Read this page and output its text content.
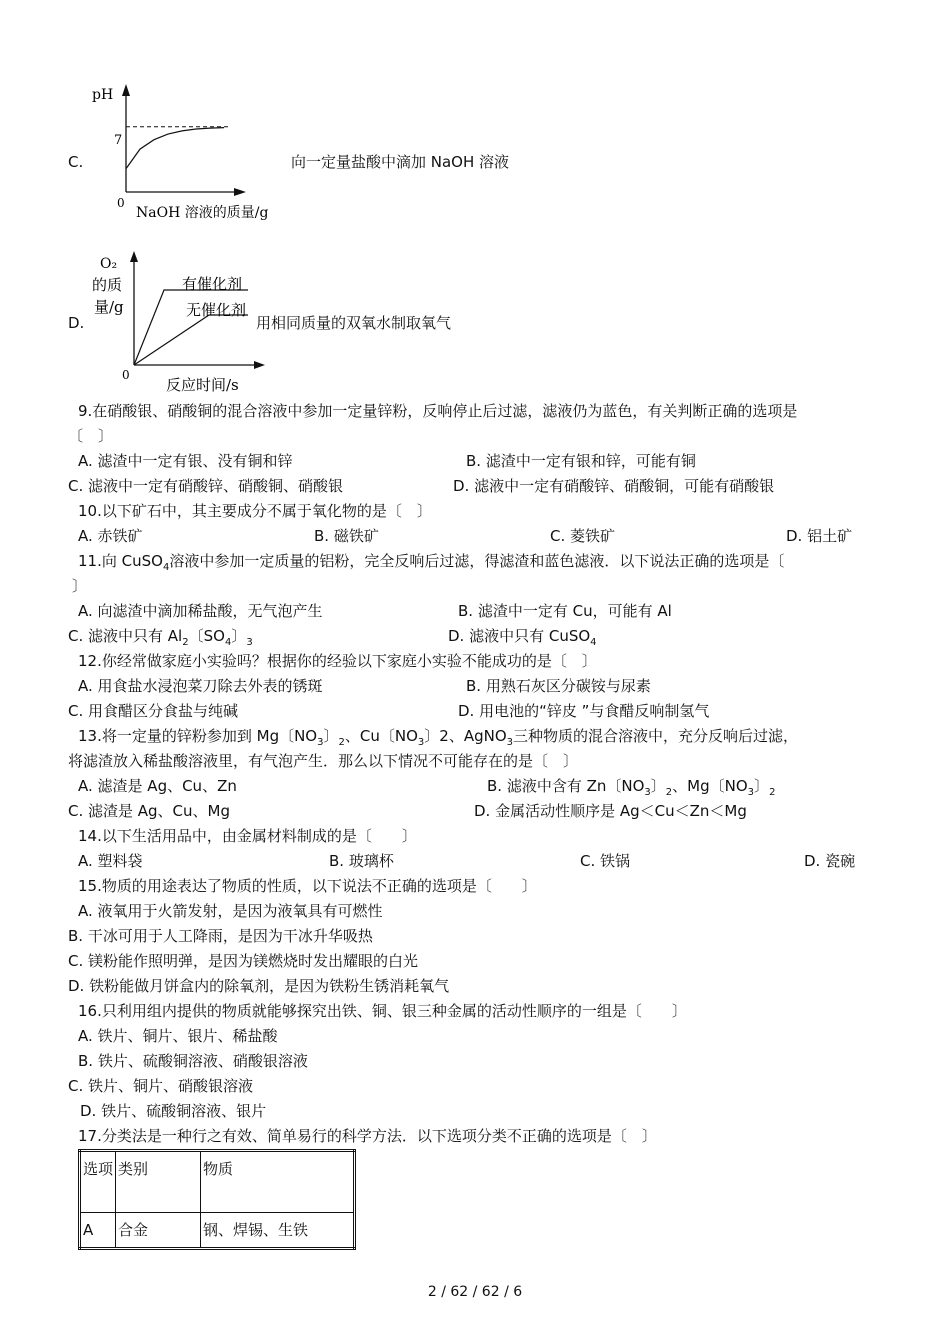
C.
pH
0
7
NaOH 溶液的质量/g
向一定量盐酸中滴加 NaOH 溶液
D.
O₂
的质
量/g
0
有催化剂
无催化剂
反应时间/s
用相同质量的双氧水制取氧气
9.在硝酸银、硝酸铜的混合溶液中参加一定量锌粉，反响停止后过滤，滤液仍为蓝色，有关判断正确的选项是
〔　〕
A. 滤渣中一定有银、没有铜和锌	B. 滤渣中一定有银和锌，可能有铜
C. 滤液中一定有硝酸锌、硝酸铜、硝酸银	D. 滤液中一定有硝酸锌、硝酸铜，可能有硝酸银
10.以下矿石中，其主要成分不属于氧化物的是〔　〕
A. 赤铁矿	B. 磁铁矿	C. 菱铁矿	D. 铝土矿
11.向 CuSO$_4$溶液中参加一定质量的铝粉，完全反响后过滤，得滤渣和蓝色滤液．以下说法正确的选项是〔
〕
A. 向滤渣中滴加稀盐酸，无气泡产生	B. 滤渣中一定有 Cu，可能有 Al
C. 滤液中只有 $Al_2$〔$SO_4$〕$_3$	D. 滤液中只有 CuSO$_4$
12.你经常做家庭小实验吗？根据你的经验以下家庭小实验不能成功的是〔　〕
A. 用食盐水浸泡菜刀除去外表的锈斑	B. 用熟石灰区分碳铵与尿素
C. 用食醋区分食盐与纯碱	D. 用电池的“锌皮 ”与食醋反响制氢气
13.将一定量的锌粉参加到 Mg〔$NO_3$〕$_2$、Cu〔$NO_3$〕2、AgNO$_3$三种物质的混合溶液中，充分反响后过滤，
将滤渣放入稀盐酸溶液里，有气泡产生．那么以下情况不可能存在的是〔　〕
A. 滤渣是 Ag、Cu、Zn	B. 滤液中含有 Zn〔$NO_3$〕$_2$、Mg〔$NO_3$〕$_2$
C. 滤渣是 Ag、Cu、Mg	D. 金属活动性顺序是 Ag＜Cu＜Zn＜Mg
14.以下生活用品中，由金属材料制成的是〔　　〕
A. 塑料袋	B. 玻璃杯	C. 铁锅	D. 瓷碗
15.物质的用途表达了物质的性质，以下说法不正确的选项是〔　　〕
A. 液氧用于火箭发射，是因为液氧具有可燃性
B. 干冰可用于人工降雨，是因为干冰升华吸热
C. 镁粉能作照明弹，是因为镁燃烧时发出耀眼的白光
D. 铁粉能做月饼盒内的除氧剂，是因为铁粉生锈消耗氧气
16.只利用组内提供的物质就能够探究出铁、铜、银三种金属的活动性顺序的一组是〔　　〕
A. 铁片、铜片、银片、稀盐酸
B. 铁片、硫酸铜溶液、硝酸银溶液
C. 铁片、铜片、硝酸银溶液
D. 铁片、硫酸铜溶液、银片
17.分类法是一种行之有效、简单易行的科学方法．以下选项分类不正确的选项是〔　〕
选项	类别	物质
A	合金	钢、焊锡、生铁
2 / 62 / 62 / 6
